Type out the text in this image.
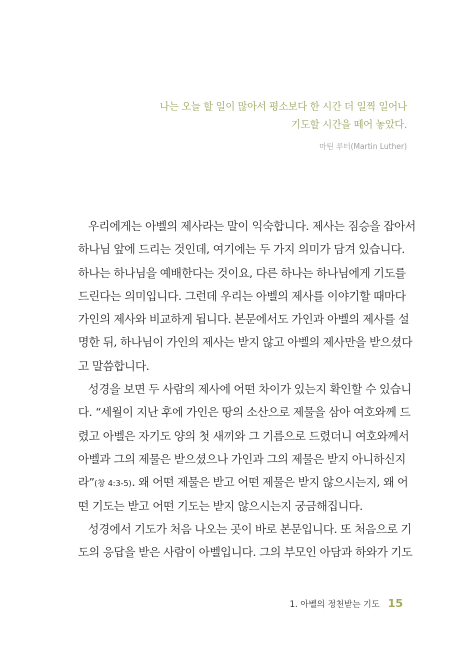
나는 오늘 할 일이 많아서 평소보다 한 시간 더 일찍 일어나

기도할 시간을 떼어 놓았다.

마틴 루터(Martin Luther)
우리에게는 아벨의 제사라는 말이 익숙합니다. 제사는 짐승을 잡아서
하나님 앞에 드리는 것인데, 여기에는 두 가지 의미가 담겨 있습니다.
하나는 하나님을 예배한다는 것이요, 다른 하나는 하나님에게 기도를
드린다는 의미입니다. 그런데 우리는 아벨의 제사를 이야기할 때마다
가인의 제사와 비교하게 됩니다. 본문에서도 가인과 아벨의 제사를 설
명한 뒤, 하나님이 가인의 제사는 받지 않고 아벨의 제사만을 받으셨다
고 말씀합니다.
성경을 보면 두 사람의 제사에 어떤 차이가 있는지 확인할 수 있습니
다. “세월이 지난 후에 가인은 땅의 소산으로 제물을 삼아 여호와께 드
렸고 아벨은 자기도 양의 첫 새끼와 그 기름으로 드렸더니 여호와께서
아벨과 그의 제물은 받으셨으나 가인과 그의 제물은 받지 아니하신지
라”(창 4:3-5). 왜 어떤 제물은 받고 어떤 제물은 받지 않으시는지, 왜 어
떤 기도는 받고 어떤 기도는 받지 않으시는지 궁금해집니다.
성경에서 기도가 처음 나오는 곳이 바로 본문입니다. 또 처음으로 기
도의 응답을 받은 사람이 아벨입니다. 그의 부모인 아담과 하와가 기도
1. 아벨의 정천받는 기도 15
